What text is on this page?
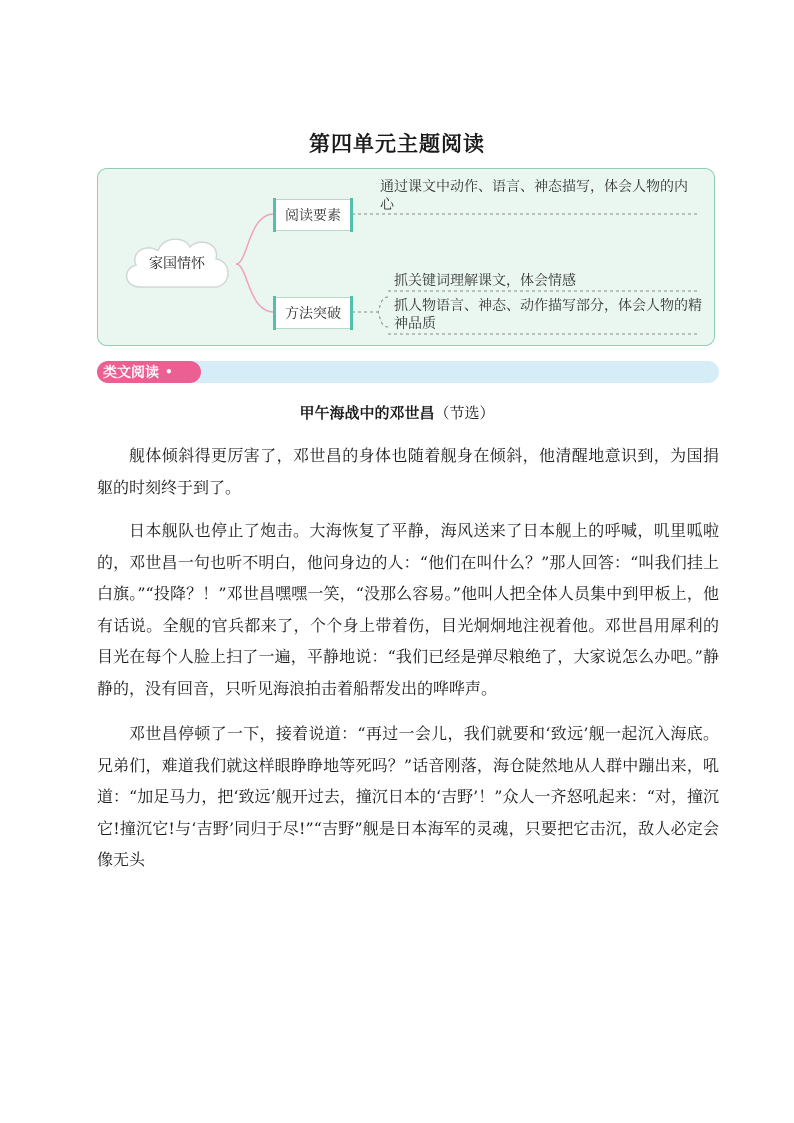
第四单元主题阅读
家国情怀
阅读要素
方法突破
通过课文中动作、语言、神态描写，体会人物的内心
抓关键词理解课文，体会情感
抓人物语言、神态、动作描写部分，体会人物的精神品质
类文阅读 •
甲午海战中的邓世昌（节选）

舰体倾斜得更厉害了，邓世昌的身体也随着舰身在倾斜，他清醒地意识到，为国捐躯的时刻终于到了。

日本舰队也停止了炮击。大海恢复了平静，海风送来了日本舰上的呼喊，叽里呱啦的，邓世昌一句也听不明白，他问身边的人：“他们在叫什么？”那人回答：“叫我们挂上白旗。”“投降？！”邓世昌嘿嘿一笑，“没那么容易。”他叫人把全体人员集中到甲板上，他有话说。全舰的官兵都来了，个个身上带着伤，目光炯炯地注视着他。邓世昌用犀利的目光在每个人脸上扫了一遍，平静地说：“我们已经是弹尽粮绝了，大家说怎么办吧。”静静的，没有回音，只听见海浪拍击着船帮发出的哗哗声。

邓世昌停顿了一下，接着说道：“再过一会儿，我们就要和‘致远’舰一起沉入海底。兄弟们，难道我们就这样眼睁睁地等死吗？”话音刚落，海仓陡然地从人群中蹦出来，吼道：“加足马力，把‘致远’舰开过去，撞沉日本的‘吉野’！”众人一齐怒吼起来：“对，撞沉它!撞沉它!与‘吉野’同归于尽!”“吉野”舰是日本海军的灵魂，只要把它击沉，敌人必定会像无头
